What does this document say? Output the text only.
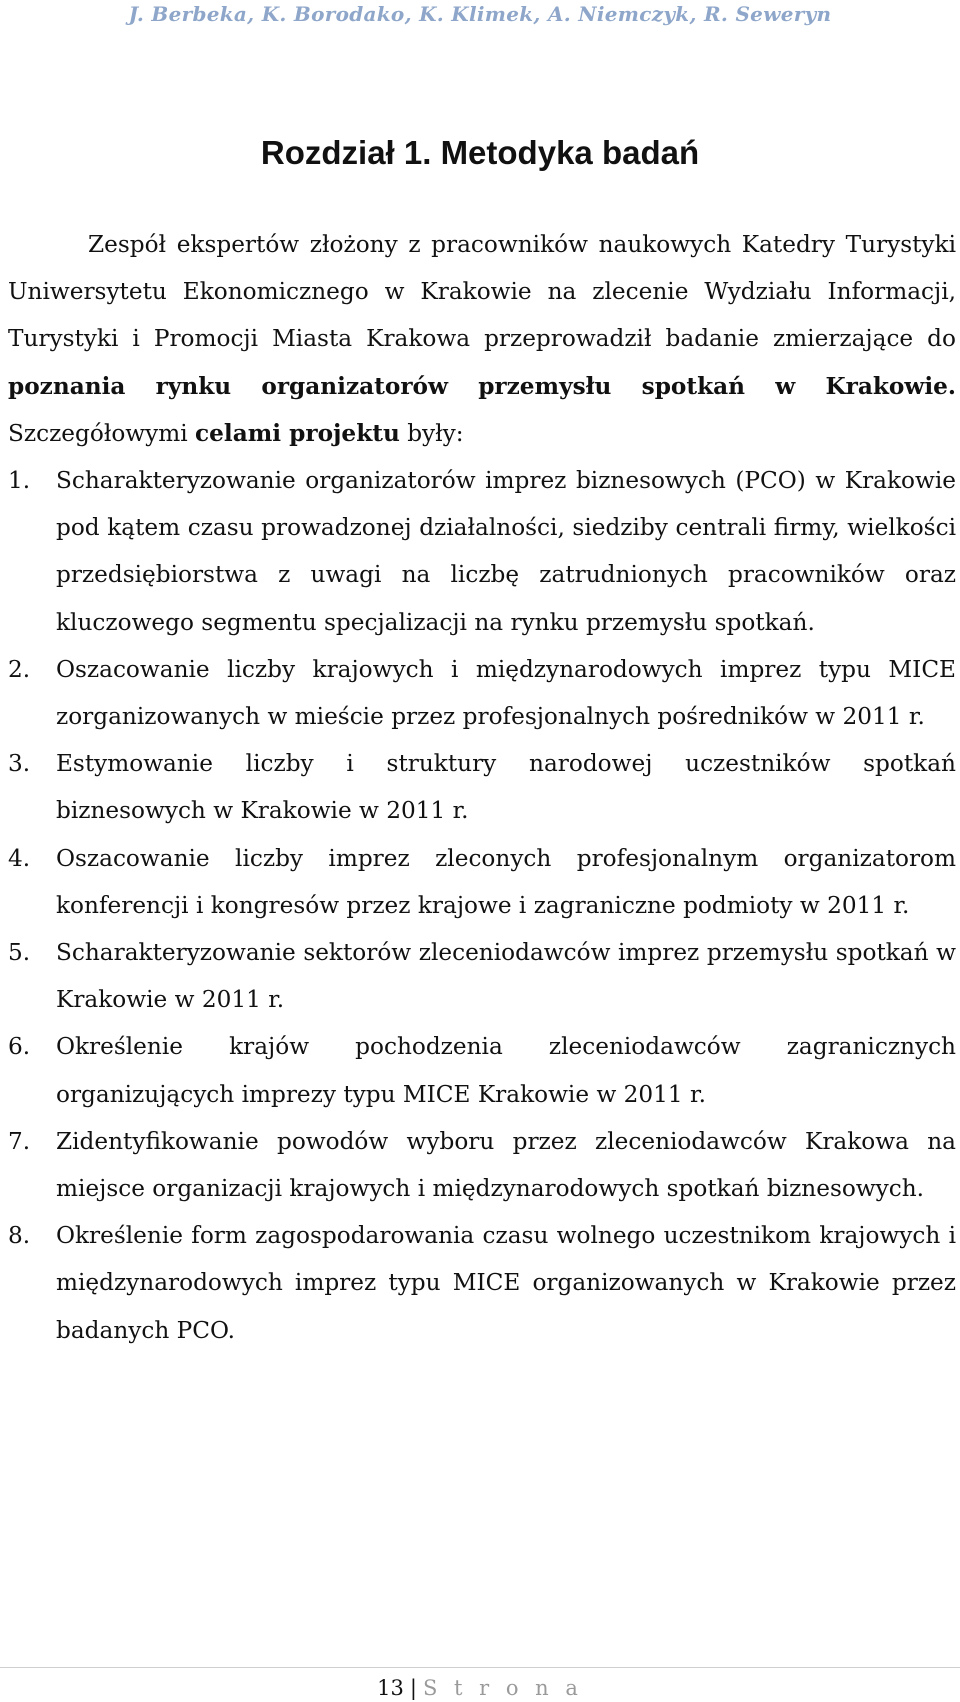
J. Berbeka, K. Borodako, K. Klimek, A. Niemczyk, R. Seweryn
Rozdział 1. Metodyka badań

Zespół ekspertów złożony z pracowników naukowych Katedry Turystyki Uniwersytetu Ekonomicznego w Krakowie na zlecenie Wydziału Informacji, Turystyki i Promocji Miasta Krakowa przeprowadził badanie zmierzające do poznania rynku organizatorów przemysłu spotkań w Krakowie. Szczegółowymi celami projektu były:

1. Scharakteryzowanie organizatorów imprez biznesowych (PCO) w Krakowie pod kątem czasu prowadzonej działalności, siedziby centrali firmy, wielkości przedsiębiorstwa z uwagi na liczbę zatrudnionych pracowników oraz kluczowego segmentu specjalizacji na rynku przemysłu spotkań.
2. Oszacowanie liczby krajowych i międzynarodowych imprez typu MICE zorganizowanych w mieście przez profesjonalnych pośredników w 2011 r.
3. Estymowanie liczby i struktury narodowej uczestników spotkań biznesowych w Krakowie w 2011 r.
4. Oszacowanie liczby imprez zleconych profesjonalnym organizatorom konferencji i kongresów przez krajowe i zagraniczne podmioty w 2011 r.
5. Scharakteryzowanie sektorów zleceniodawców imprez przemysłu spotkań w Krakowie w 2011 r.
6. Określenie krajów pochodzenia zleceniodawców zagranicznych organizujących imprezy typu MICE Krakowie w 2011 r.
7. Zidentyfikowanie powodów wyboru przez zleceniodawców Krakowa na miejsce organizacji krajowych i międzynarodowych spotkań biznesowych.
8. Określenie form zagospodarowania czasu wolnego uczestnikom krajowych i międzynarodowych imprez typu MICE organizowanych w Krakowie przez badanych PCO.
13 | S t r o n a
